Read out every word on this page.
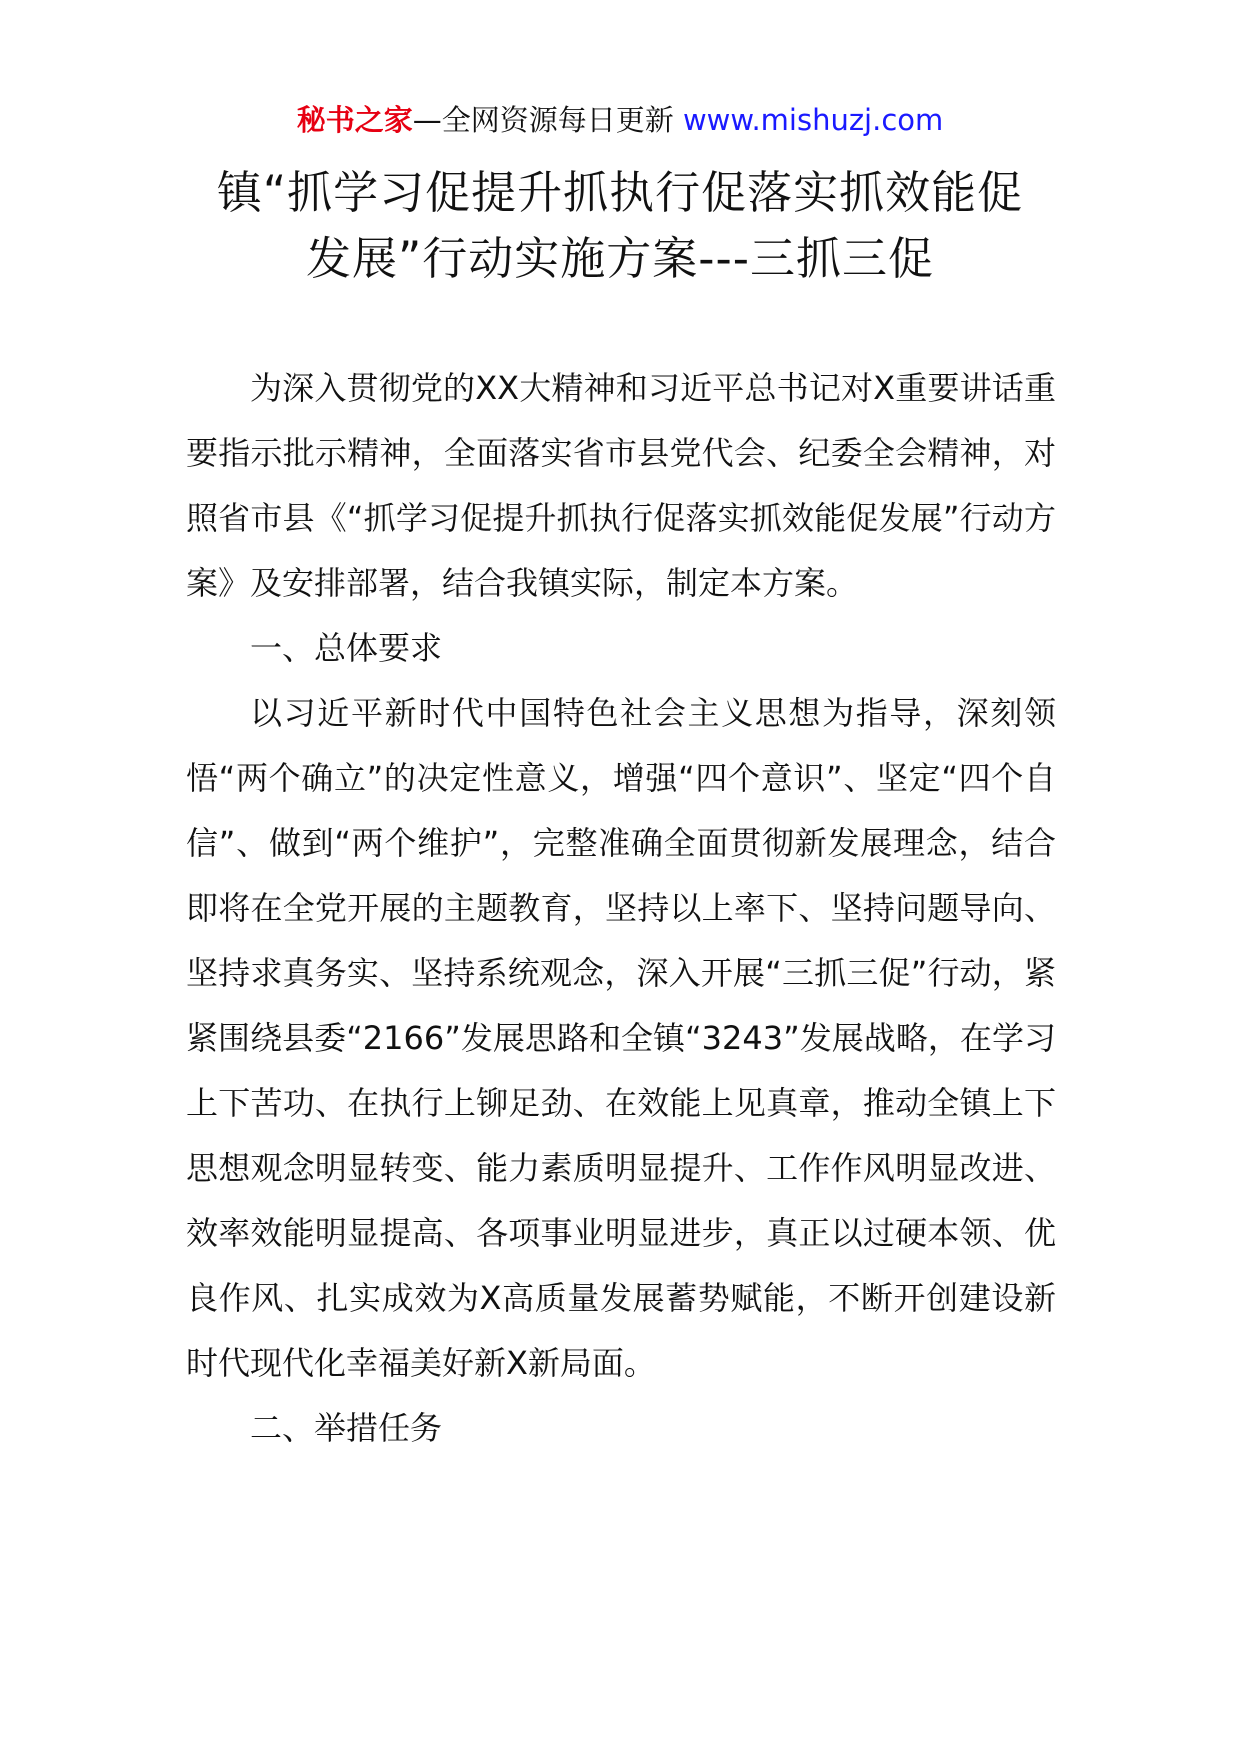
秘书之家—全网资源每日更新 www.mishuzj.com
镇“抓学习促提升抓执行促落实抓效能促
发展”行动实施方案---三抓三促

为深入贯彻党的XX大精神和习近平总书记对X重要讲话重要指示批示精神，全面落实省市县党代会、纪委全会精神，对照省市县《“抓学习促提升抓执行促落实抓效能促发展”行动方案》及安排部署，结合我镇实际，制定本方案。

一、总体要求

以习近平新时代中国特色社会主义思想为指导，深刻领悟“两个确立”的决定性意义，增强“四个意识”、坚定“四个自信”、做到“两个维护”，完整准确全面贯彻新发展理念，结合即将在全党开展的主题教育，坚持以上率下、坚持问题导向、坚持求真务实、坚持系统观念，深入开展“三抓三促”行动，紧紧围绕县委“2166”发展思路和全镇“3243”发展战略，在学习上下苦功、在执行上铆足劲、在效能上见真章，推动全镇上下思想观念明显转变、能力素质明显提升、工作作风明显改进、效率效能明显提高、各项事业明显进步，真正以过硬本领、优良作风、扎实成效为X高质量发展蓄势赋能，不断开创建设新时代现代化幸福美好新X新局面。

二、举措任务
